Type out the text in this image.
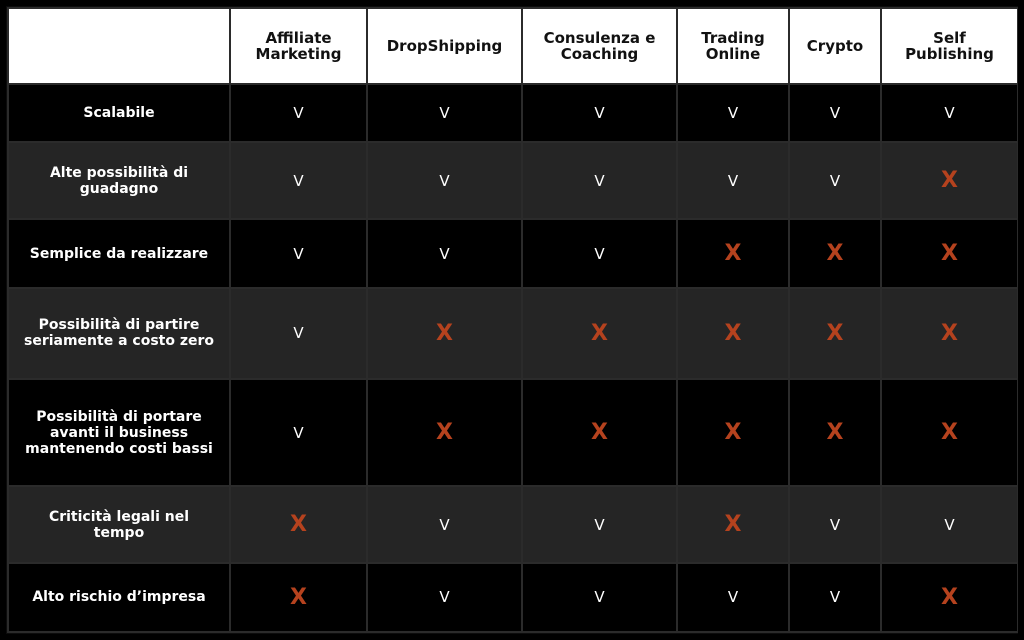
	Affiliate Marketing	DropShipping	Consulenza e Coaching	Trading Online	Crypto	Self Publishing
Scalabile	V	V	V	V	V	V
Alte possibilità di guadagno	V	V	V	V	V	X
Semplice da realizzare	V	V	V	X	X	X
Possibilità di partire seriamente a costo zero	V	X	X	X	X	X
Possibilità di portare avanti il business mantenendo costi bassi	V	X	X	X	X	X
Criticità legali nel tempo	X	V	V	X	V	V
Alto rischio d’impresa	X	V	V	V	V	X
